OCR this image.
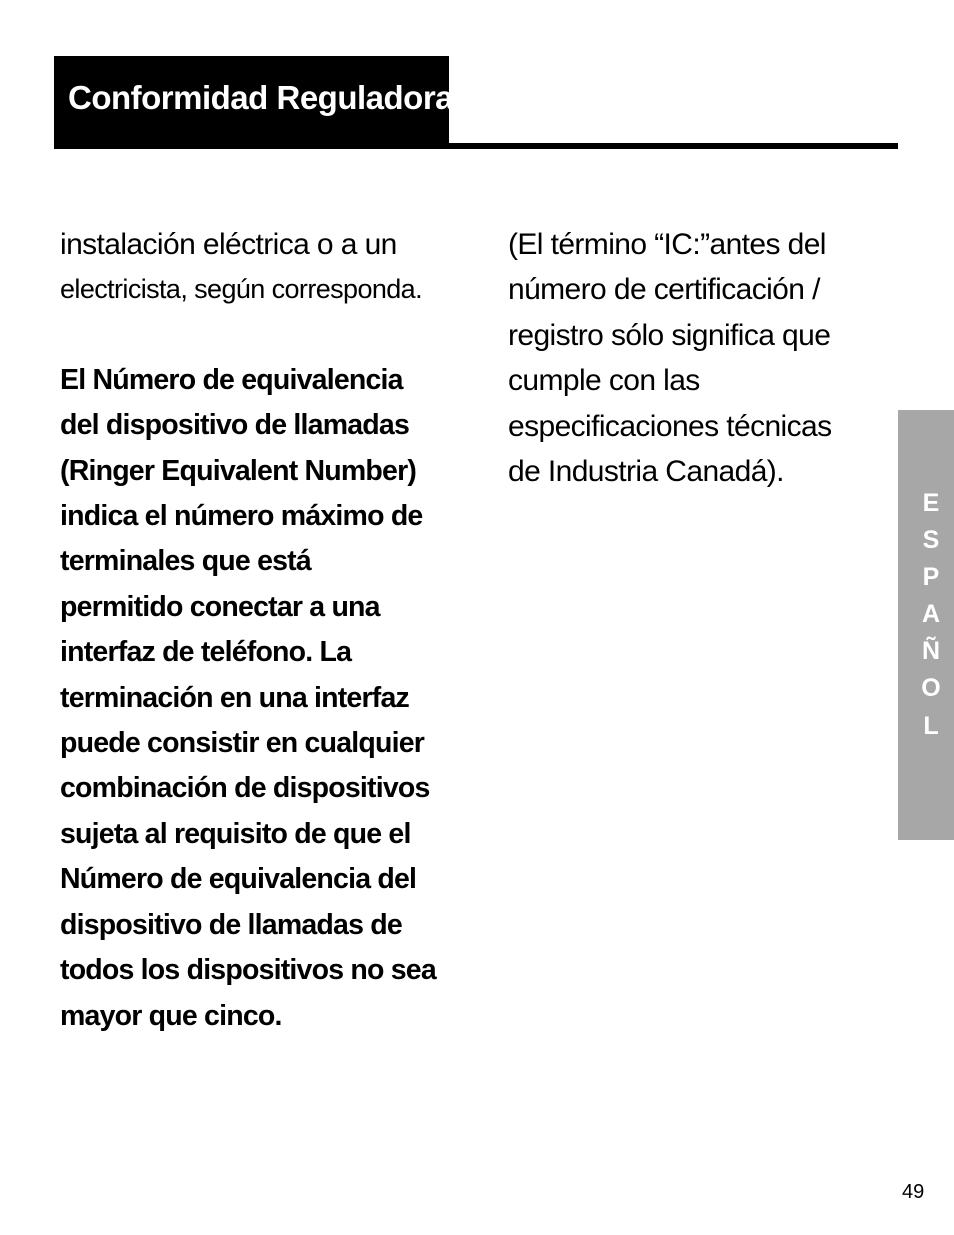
Conformidad Reguladora

instalación eléctrica o a un

electricista, según corresponda.

El Número de equivalencia

del dispositivo de llamadas

(Ringer Equivalent Number)

indica el número máximo de

terminales que está

permitido conectar a una

interfaz de teléfono. La

terminación en una interfaz

puede consistir en cualquier

combinación de dispositivos

sujeta al requisito de que el

Número de equivalencia del

dispositivo de llamadas de

todos los dispositivos no sea

mayor que cinco.

(El término “IC:”antes del

número de certificación /

registro sólo significa que

cumple con las

especificaciones técnicas

de Industria Canadá).

E
S
P
A
Ñ
O
L
49
